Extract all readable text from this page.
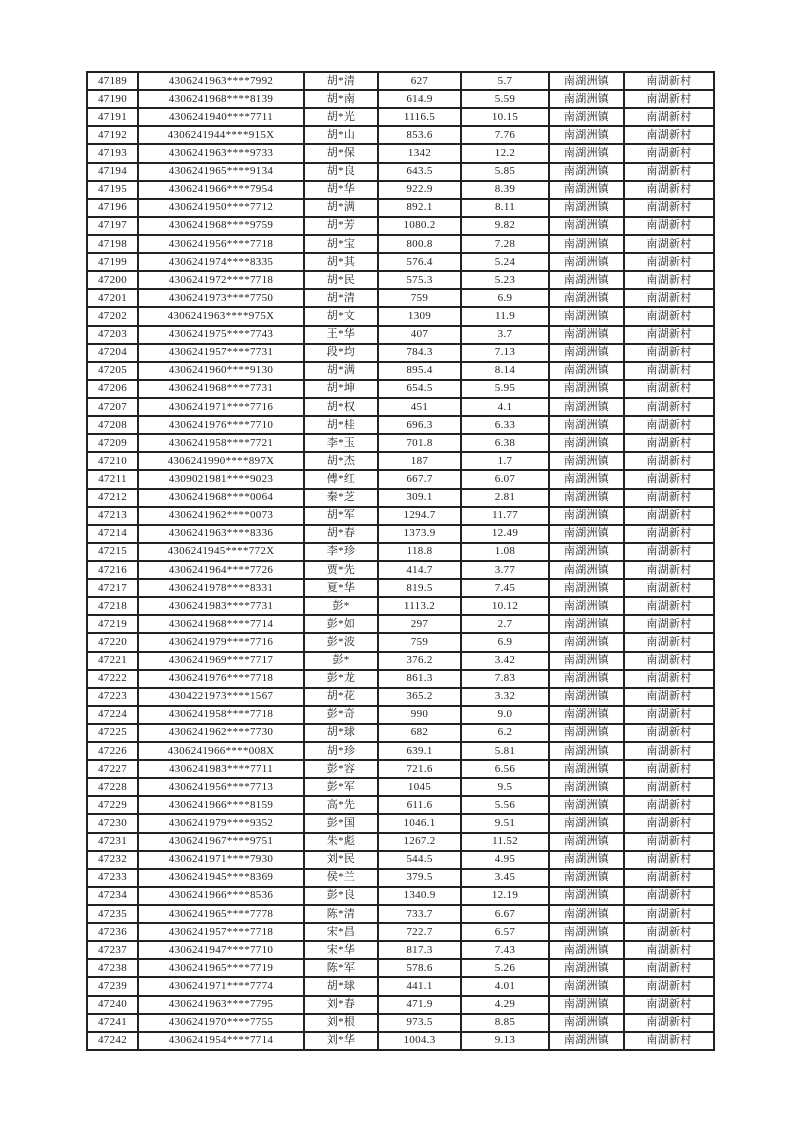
47189	4306241963****7992	胡*清	627	5.7	南湖洲镇	南湖新村
47190	4306241968****8139	胡*南	614.9	5.59	南湖洲镇	南湖新村
47191	4306241940****7711	胡*光	1116.5	10.15	南湖洲镇	南湖新村
47192	4306241944****915X	胡*山	853.6	7.76	南湖洲镇	南湖新村
47193	4306241963****9733	胡*保	1342	12.2	南湖洲镇	南湖新村
47194	4306241965****9134	胡*良	643.5	5.85	南湖洲镇	南湖新村
47195	4306241966****7954	胡*华	922.9	8.39	南湖洲镇	南湖新村
47196	4306241950****7712	胡*满	892.1	8.11	南湖洲镇	南湖新村
47197	4306241968****9759	胡*芳	1080.2	9.82	南湖洲镇	南湖新村
47198	4306241956****7718	胡*宝	800.8	7.28	南湖洲镇	南湖新村
47199	4306241974****8335	胡*其	576.4	5.24	南湖洲镇	南湖新村
47200	4306241972****7718	胡*民	575.3	5.23	南湖洲镇	南湖新村
47201	4306241973****7750	胡*清	759	6.9	南湖洲镇	南湖新村
47202	4306241963****975X	胡*文	1309	11.9	南湖洲镇	南湖新村
47203	4306241975****7743	王*华	407	3.7	南湖洲镇	南湖新村
47204	4306241957****7731	段*均	784.3	7.13	南湖洲镇	南湖新村
47205	4306241960****9130	胡*满	895.4	8.14	南湖洲镇	南湖新村
47206	4306241968****7731	胡*坤	654.5	5.95	南湖洲镇	南湖新村
47207	4306241971****7716	胡*权	451	4.1	南湖洲镇	南湖新村
47208	4306241976****7710	胡*桂	696.3	6.33	南湖洲镇	南湖新村
47209	4306241958****7721	李*玉	701.8	6.38	南湖洲镇	南湖新村
47210	4306241990****897X	胡*杰	187	1.7	南湖洲镇	南湖新村
47211	4309021981****9023	傅*红	667.7	6.07	南湖洲镇	南湖新村
47212	4306241968****0064	秦*芝	309.1	2.81	南湖洲镇	南湖新村
47213	4306241962****0073	胡*军	1294.7	11.77	南湖洲镇	南湖新村
47214	4306241963****8336	胡*春	1373.9	12.49	南湖洲镇	南湖新村
47215	4306241945****772X	李*珍	118.8	1.08	南湖洲镇	南湖新村
47216	4306241964****7726	贾*先	414.7	3.77	南湖洲镇	南湖新村
47217	4306241978****8331	夏*华	819.5	7.45	南湖洲镇	南湖新村
47218	4306241983****7731	彭*	1113.2	10.12	南湖洲镇	南湖新村
47219	4306241968****7714	彭*如	297	2.7	南湖洲镇	南湖新村
47220	4306241979****7716	彭*波	759	6.9	南湖洲镇	南湖新村
47221	4306241969****7717	彭*	376.2	3.42	南湖洲镇	南湖新村
47222	4306241976****7718	彭*龙	861.3	7.83	南湖洲镇	南湖新村
47223	4304221973****1567	胡*花	365.2	3.32	南湖洲镇	南湖新村
47224	4306241958****7718	彭*奇	990	9.0	南湖洲镇	南湖新村
47225	4306241962****7730	胡*球	682	6.2	南湖洲镇	南湖新村
47226	4306241966****008X	胡*珍	639.1	5.81	南湖洲镇	南湖新村
47227	4306241983****7711	彭*容	721.6	6.56	南湖洲镇	南湖新村
47228	4306241956****7713	彭*军	1045	9.5	南湖洲镇	南湖新村
47229	4306241966****8159	高*先	611.6	5.56	南湖洲镇	南湖新村
47230	4306241979****9352	彭*国	1046.1	9.51	南湖洲镇	南湖新村
47231	4306241967****9751	朱*彪	1267.2	11.52	南湖洲镇	南湖新村
47232	4306241971****7930	刘*民	544.5	4.95	南湖洲镇	南湖新村
47233	4306241945****8369	侯*兰	379.5	3.45	南湖洲镇	南湖新村
47234	4306241966****8536	彭*良	1340.9	12.19	南湖洲镇	南湖新村
47235	4306241965****7778	陈*清	733.7	6.67	南湖洲镇	南湖新村
47236	4306241957****7718	宋*昌	722.7	6.57	南湖洲镇	南湖新村
47237	4306241947****7710	宋*华	817.3	7.43	南湖洲镇	南湖新村
47238	4306241965****7719	陈*军	578.6	5.26	南湖洲镇	南湖新村
47239	4306241971****7774	胡*球	441.1	4.01	南湖洲镇	南湖新村
47240	4306241963****7795	刘*春	471.9	4.29	南湖洲镇	南湖新村
47241	4306241970****7755	刘*根	973.5	8.85	南湖洲镇	南湖新村
47242	4306241954****7714	刘*华	1004.3	9.13	南湖洲镇	南湖新村
